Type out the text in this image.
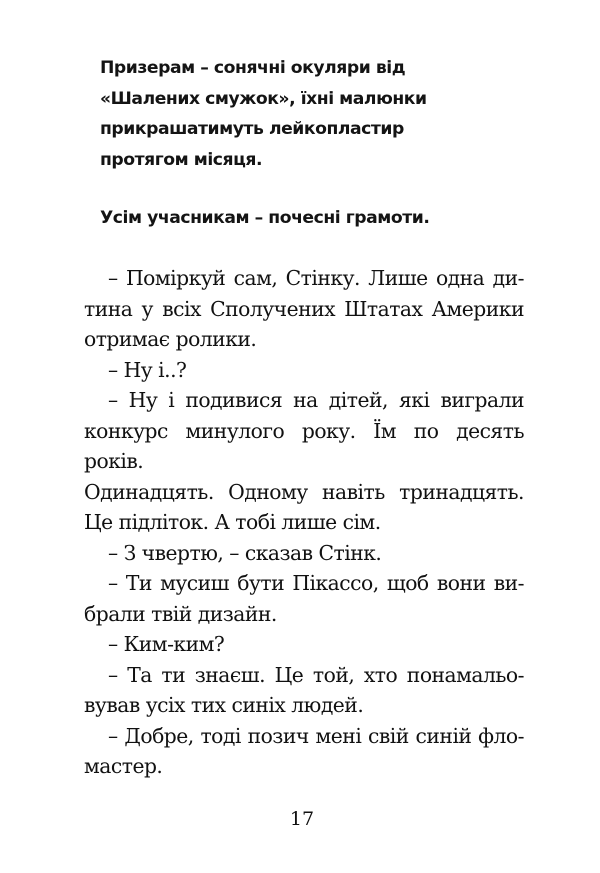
Призерам – сонячні окуляри від
«Шалених смужок», їхні малюнки
прикрашатимуть лейкопластир
протягом місяця.
Усім учасникам – почесні грамоти.
– Поміркуй сам, Стінку. Лише одна ди-
тина у всіх Сполучених Штатах Америки
отримає ролики.
– Ну і..?
– Ну і подивися на дітей, які виграли
конкурс минулого року. Їм по десять років.
Одинадцять. Одному навіть тринадцять.
Це підліток. А тобі лише сім.
– З чвертю, – сказав Стінк.
– Ти мусиш бути Пікассо, щоб вони ви-
брали твій дизайн.
– Ким-ким?
– Та ти знаєш. Це той, хто понамальо-
вував усіх тих синіх людей.
– Добре, тоді позич мені свій синій фло-
мастер.
17
